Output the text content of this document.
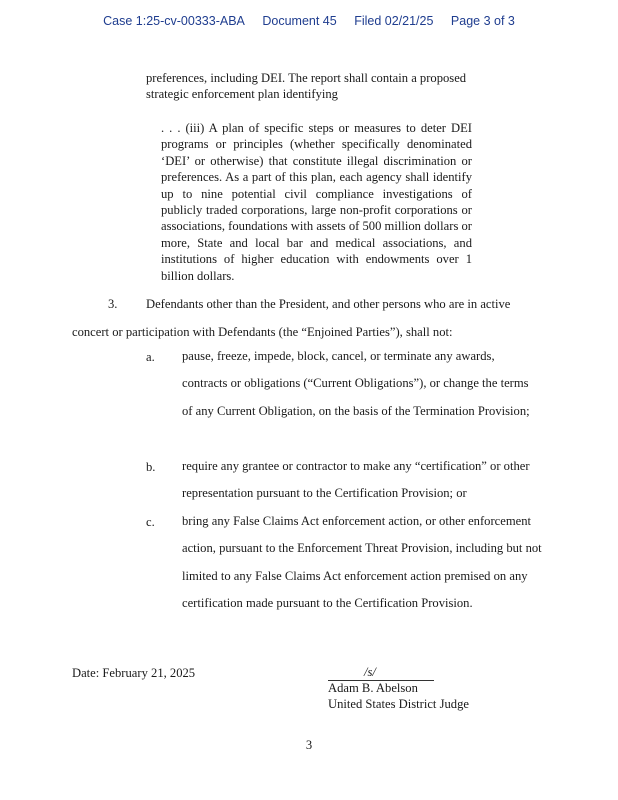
Case 1:25-cv-00333-ABA Document 45 Filed 02/21/25 Page 3 of 3

preferences, including DEI. The report shall contain a proposed strategic enforcement plan identifying

. . . (iii) A plan of specific steps or measures to deter DEI programs or principles (whether specifically denominated ‘DEI’ or otherwise) that constitute illegal discrimination or preferences. As a part of this plan, each agency shall identify up to nine potential civil compliance investigations of publicly traded corporations, large non-profit corporations or associations, foundations with assets of 500 million dollars or more, State and local bar and medical associations, and institutions of higher education with endowments over 1 billion dollars.

3. Defendants other than the President, and other persons who are in active
concert or participation with Defendants (the “Enjoined Parties”), shall not:
a. pause, freeze, impede, block, cancel, or terminate any awards, contracts or obligations (“Current Obligations”), or change the terms of any Current Obligation, on the basis of the Termination Provision;

b. require any grantee or contractor to make any “certification” or other representation pursuant to the Certification Provision; or

c. bring any False Claims Act enforcement action, or other enforcement action, pursuant to the Enforcement Threat Provision, including but not limited to any False Claims Act enforcement action premised on any certification made pursuant to the Certification Provision.

Date: February 21, 2025	/s/
Adam B. Abelson
United States District Judge
3
